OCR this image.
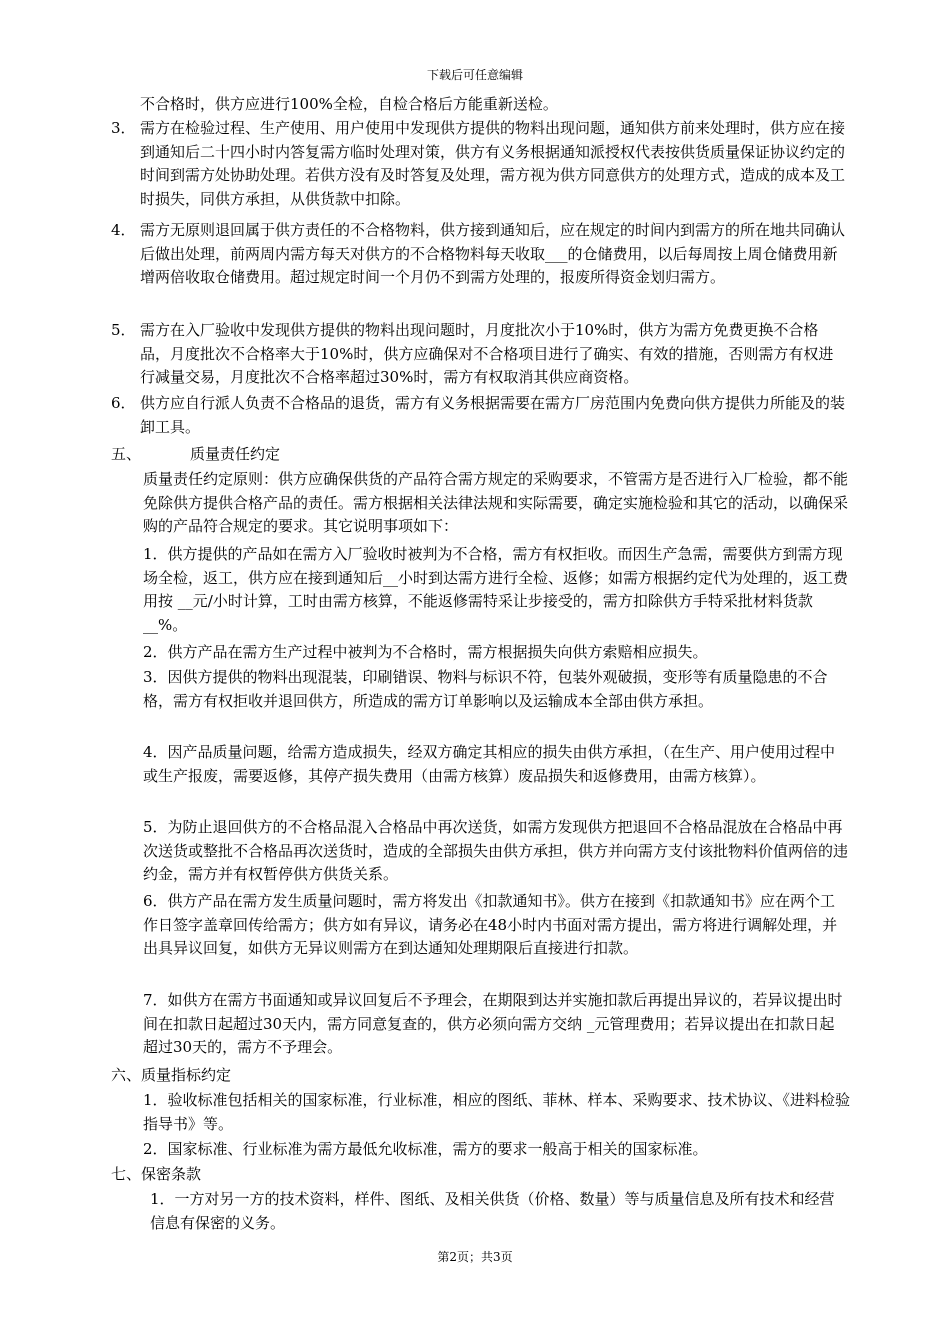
下载后可任意编辑
不合格时，供方应进行100%全检，自检合格后方能重新送检。
3． 需方在检验过程、生产使用、用户使用中发现供方提供的物料出现问题，通知供方前来处理时，供方应在接到通知后二十四小时内答复需方临时处理对策，供方有义务根据通知派授权代表按供货质量保证协议约定的时间到需方处协助处理。若供方没有及时答复及处理，需方视为供方同意供方的处理方式，造成的成本及工时损失，同供方承担，从供货款中扣除。
4． 需方无原则退回属于供方责任的不合格物料，供方接到通知后，应在规定的时间内到需方的所在地共同确认后做出处理，前两周内需方每天对供方的不合格物料每天收取___的仓储费用，以后每周按上周仓储费用新增两倍收取仓储费用。超过规定时间一个月仍不到需方处理的，报废所得资金划归需方。
5． 需方在入厂验收中发现供方提供的物料出现问题时，月度批次小于10%时，供方为需方免费更换不合格品，月度批次不合格率大于10%时，供方应确保对不合格项目进行了确实、有效的措施，否则需方有权进行减量交易，月度批次不合格率超过30%时，需方有权取消其供应商资格。
6． 供方应自行派人负责不合格品的退货，需方有义务根据需要在需方厂房范围内免费向供方提供力所能及的装卸工具。
五、	质量责任约定
质量责任约定原则：供方应确保供货的产品符合需方规定的采购要求，不管需方是否进行入厂检验，都不能免除供方提供合格产品的责任。需方根据相关法律法规和实际需要，确定实施检验和其它的活动，以确保采购的产品符合规定的要求。其它说明事项如下：
1．供方提供的产品如在需方入厂验收时被判为不合格，需方有权拒收。而因生产急需，需要供方到需方现场全检，返工，供方应在接到通知后__小时到达需方进行全检、返修；如需方根据约定代为处理的，返工费用按 __元/小时计算，工时由需方核算，不能返修需特采让步接受的，需方扣除供方手特采批材料货款__%。
2．供方产品在需方生产过程中被判为不合格时，需方根据损失向供方索赔相应损失。
3．因供方提供的物料出现混装，印刷错误、物料与标识不符，包装外观破损，变形等有质量隐患的不合格，需方有权拒收并退回供方，所造成的需方订单影响以及运输成本全部由供方承担。
4．因产品质量问题，给需方造成损失，经双方确定其相应的损失由供方承担，（在生产、用户使用过程中或生产报废，需要返修，其停产损失费用（由需方核算）废品损失和返修费用，由需方核算）。
5．为防止退回供方的不合格品混入合格品中再次送货，如需方发现供方把退回不合格品混放在合格品中再次送货或整批不合格品再次送货时，造成的全部损失由供方承担，供方并向需方支付该批物料价值两倍的违约金，需方并有权暂停供方供货关系。
6．供方产品在需方发生质量问题时，需方将发出《扣款通知书》。供方在接到《扣款通知书》应在两个工作日签字盖章回传给需方；供方如有异议，请务必在48小时内书面对需方提出，需方将进行调解处理，并出具异议回复，如供方无异议则需方在到达通知处理期限后直接进行扣款。
7．如供方在需方书面通知或异议回复后不予理会，在期限到达并实施扣款后再提出异议的，若异议提出时间在扣款日起超过30天内，需方同意复查的，供方必须向需方交纳 _元管理费用；若异议提出在扣款日起超过30天的，需方不予理会。
六、质量指标约定
1．验收标准包括相关的国家标准，行业标准，相应的图纸、菲林、样本、采购要求、技术协议、《进料检验指导书》等。
2．国家标准、行业标准为需方最低允收标准，需方的要求一般高于相关的国家标准。
七、保密条款
1．一方对另一方的技术资料，样件、图纸、及相关供货（价格、数量）等与质量信息及所有技术和经营信息有保密的义务。
第2页；共3页
